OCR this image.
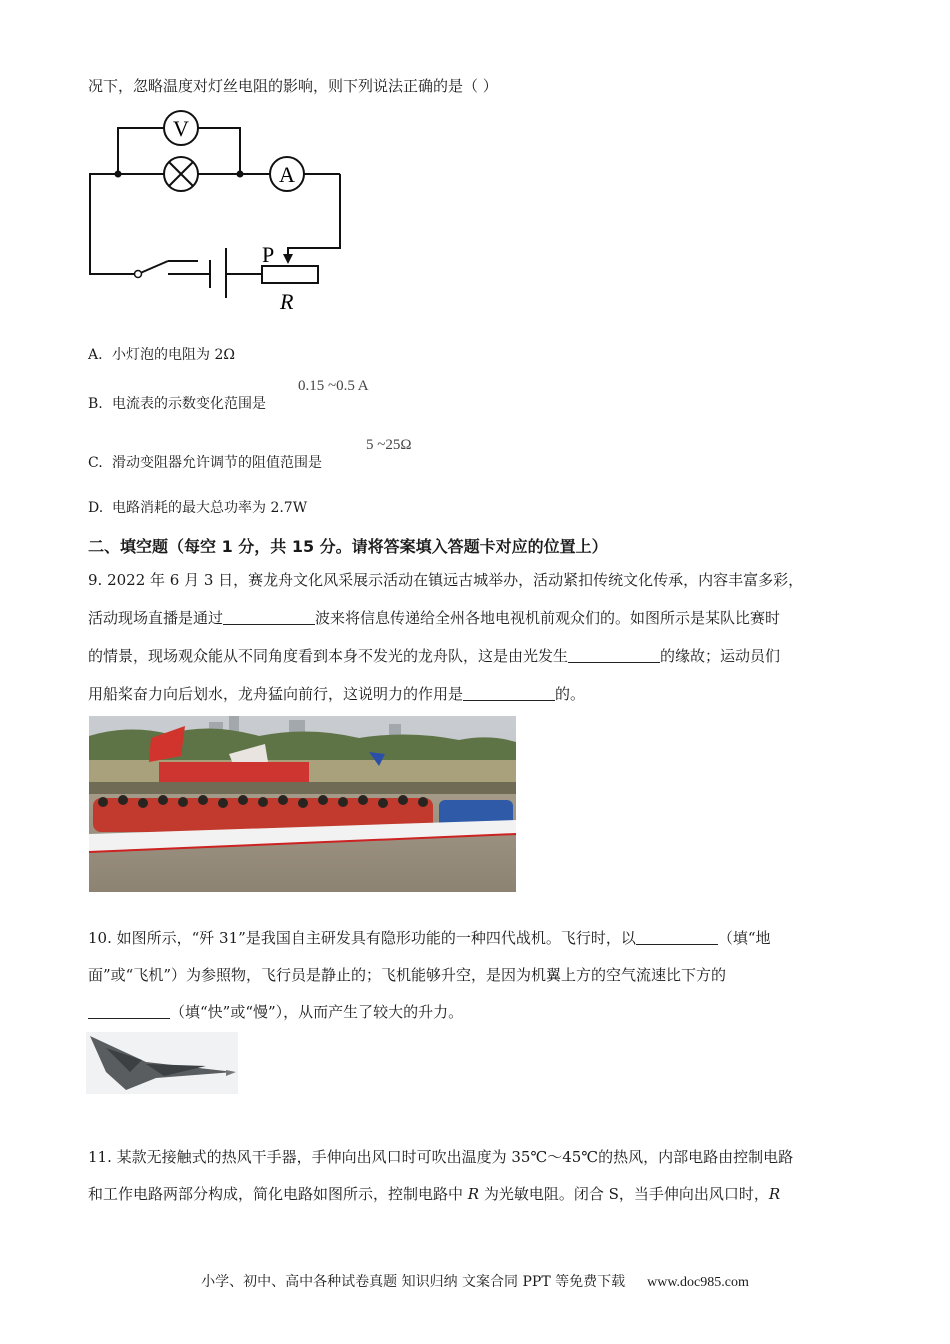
况下，忽略温度对灯丝电阻的影响，则下列说法正确的是（ ）
V
A
P
R
A. 小灯泡的电阻为 2Ω
B. 电流表的示数变化范围是
0.15 ~0.5 A
C. 滑动变阻器允许调节的阻值范围是
5 ~25Ω
D. 电路消耗的最大总功率为 2.7W
二、填空题（每空 1 分，共 15 分。请将答案填入答题卡对应的位置上）
9. 2022 年 6 月 3 日，赛龙舟文化风采展示活动在镇远古城举办，活动紧扣传统文化传承，内容丰富多彩，
活动现场直播是通过	波来将信息传递给全州各地电视机前观众们的。如图所示是某队比赛时
的情景，现场观众能从不同角度看到本身不发光的龙舟队，这是由光发生	的缘故；运动员们
用船桨奋力向后划水，龙舟猛向前行，这说明力的作用是	的。
10. 如图所示，“歼 31”是我国自主研发具有隐形功能的一种四代战机。飞行时，以	（填“地
面”或“飞机”）为参照物，飞行员是静止的；飞机能够升空，是因为机翼上方的空气流速比下方的
（填“快”或“慢”），从而产生了较大的升力。
11. 某款无接触式的热风干手器，手伸向出风口时可吹出温度为 35℃～45℃的热风，内部电路由控制电路
和工作电路两部分构成，简化电路如图所示，控制电路中 R 为光敏电阻。闭合 S，当手伸向出风口时，R
小学、初中、高中各种试卷真题 知识归纳 文案合同 PPT 等免费下载 www.doc985.com
